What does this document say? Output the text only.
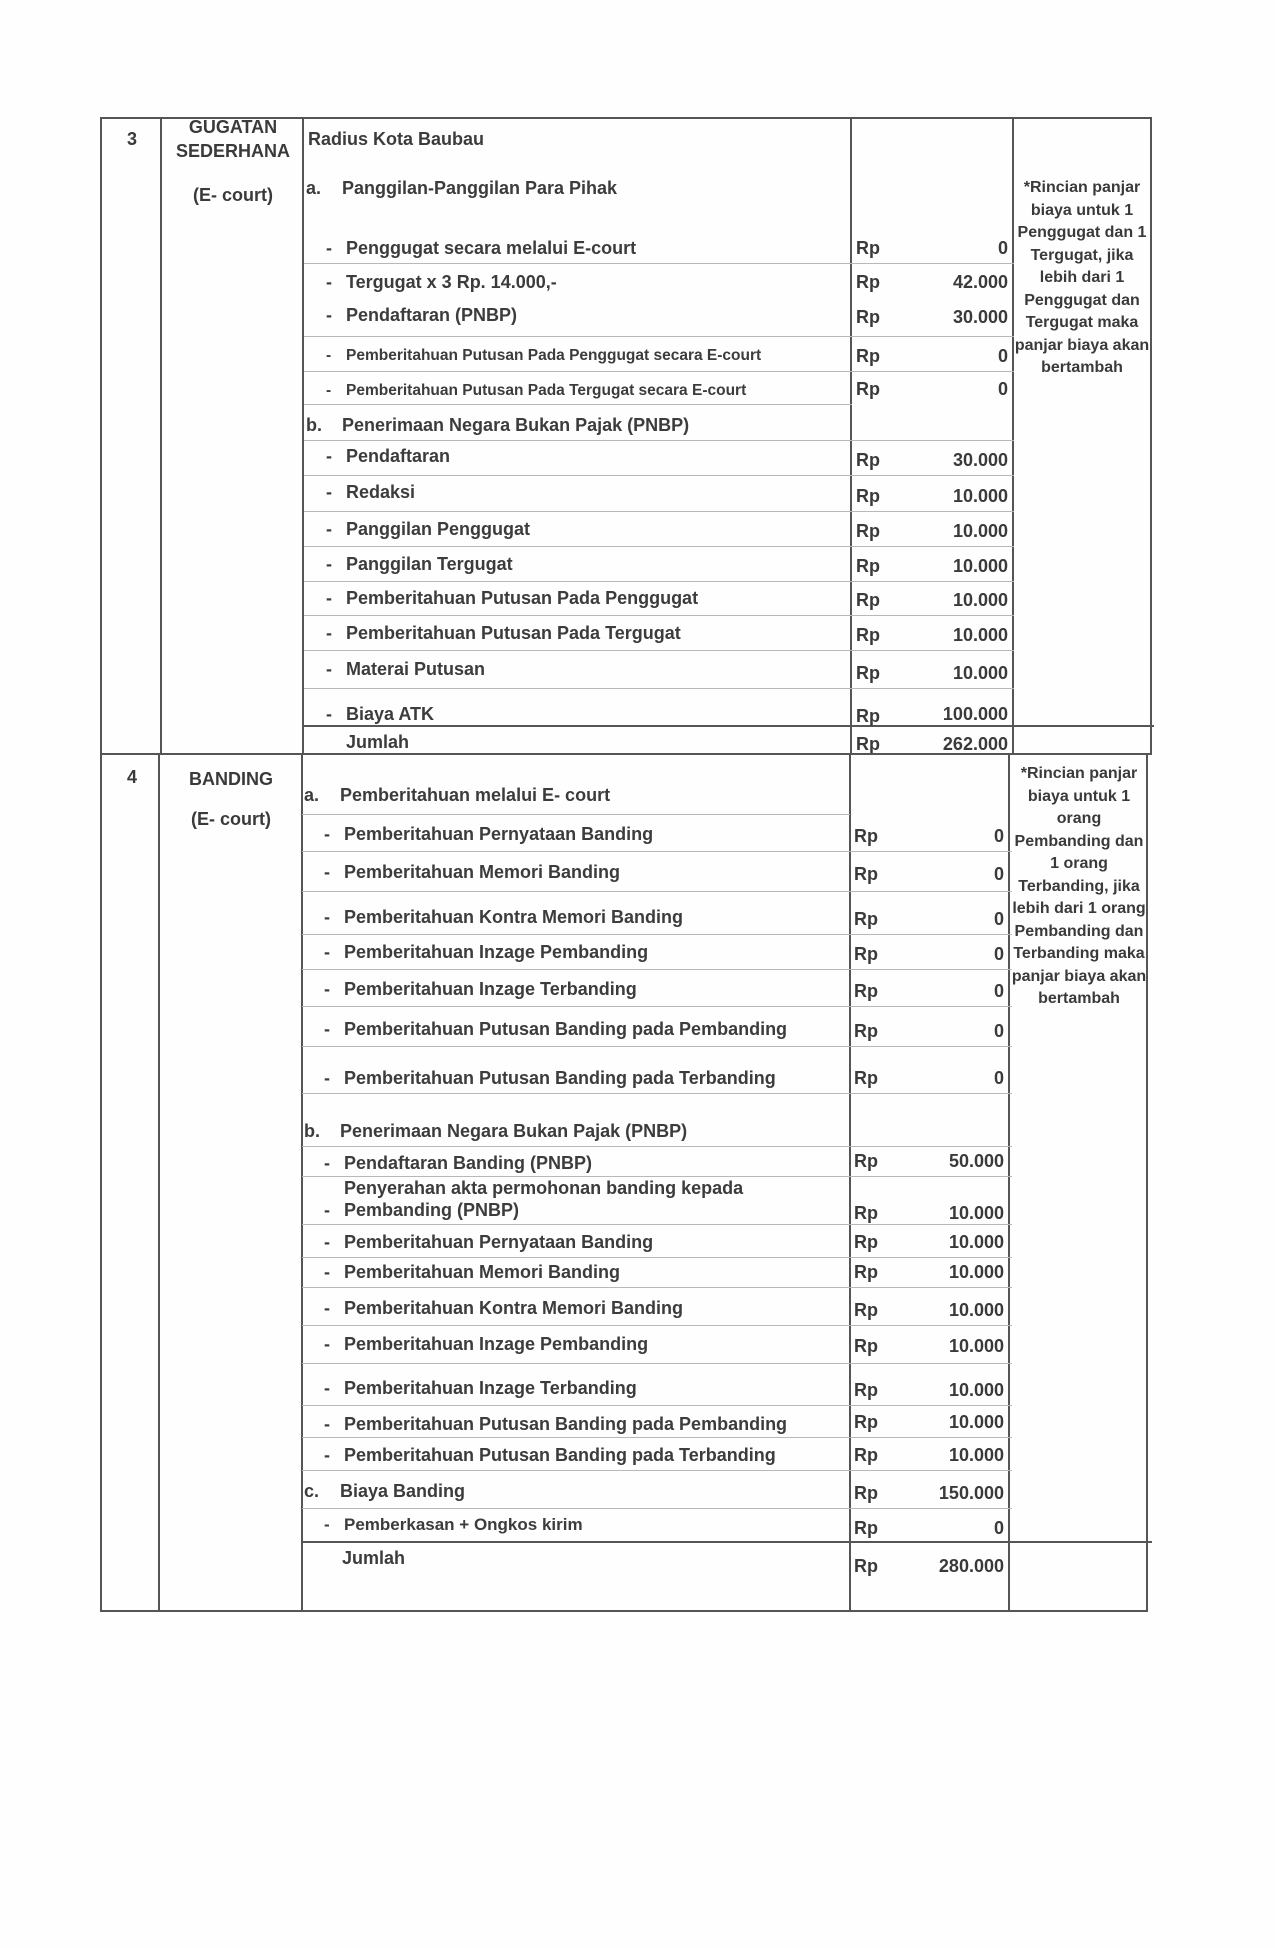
3
GUGATAN
SEDERHANA
(E- court)
Radius Kota Baubau
a. Panggilan-Panggilan Para Pihak
- Penggugat secara melalui E-court	Rp	0
- Tergugat x 3 Rp. 14.000,-	Rp	42.000
- Pendaftaran (PNBP)	Rp	30.000
- Pemberitahuan Putusan Pada Penggugat secara E-court	Rp	0
- Pemberitahuan Putusan Pada Tergugat secara E-court	Rp	0
b. Penerimaan Negara Bukan Pajak (PNBP)
- Pendaftaran	Rp	30.000
- Redaksi	Rp	10.000
- Panggilan Penggugat	Rp	10.000
- Panggilan Tergugat	Rp	10.000
- Pemberitahuan Putusan Pada Penggugat	Rp	10.000
- Pemberitahuan Putusan Pada Tergugat	Rp	10.000
- Materai Putusan	Rp	10.000
- Biaya ATK	Rp	100.000
Jumlah	Rp	262.000
*Rincian panjar biaya untuk 1 Penggugat dan 1 Tergugat, jika lebih dari 1 Penggugat dan Tergugat maka panjar biaya akan bertambah
4	BANDING
(E- court)
a. Pemberitahuan melalui E- court
- Pemberitahuan Pernyataan Banding	Rp	0
- Pemberitahuan Memori Banding	Rp	0
- Pemberitahuan Kontra Memori Banding	Rp	0
- Pemberitahuan Inzage Pembanding	Rp	0
- Pemberitahuan Inzage Terbanding	Rp	0
- Pemberitahuan Putusan Banding pada Pembanding	Rp	0
- Pemberitahuan Putusan Banding pada Terbanding	Rp	0
b. Penerimaan Negara Bukan Pajak (PNBP)
- Pendaftaran Banding (PNBP)	Rp	50.000
Penyerahan akta permohonan banding kepada
- Pembanding (PNBP)	Rp	10.000
- Pemberitahuan Pernyataan Banding	Rp	10.000
- Pemberitahuan Memori Banding	Rp	10.000
- Pemberitahuan Kontra Memori Banding	Rp	10.000
- Pemberitahuan Inzage Pembanding	Rp	10.000
- Pemberitahuan Inzage Terbanding	Rp	10.000
- Pemberitahuan Putusan Banding pada Pembanding	Rp	10.000
- Pemberitahuan Putusan Banding pada Terbanding	Rp	10.000
c. Biaya Banding	Rp	150.000
- Pemberkasan + Ongkos kirim	Rp	0
Jumlah	Rp	280.000
*Rincian panjar biaya untuk 1 orang Pembanding dan 1 orang Terbanding, jika lebih dari 1 orang Pembanding dan Terbanding maka panjar biaya akan bertambah
